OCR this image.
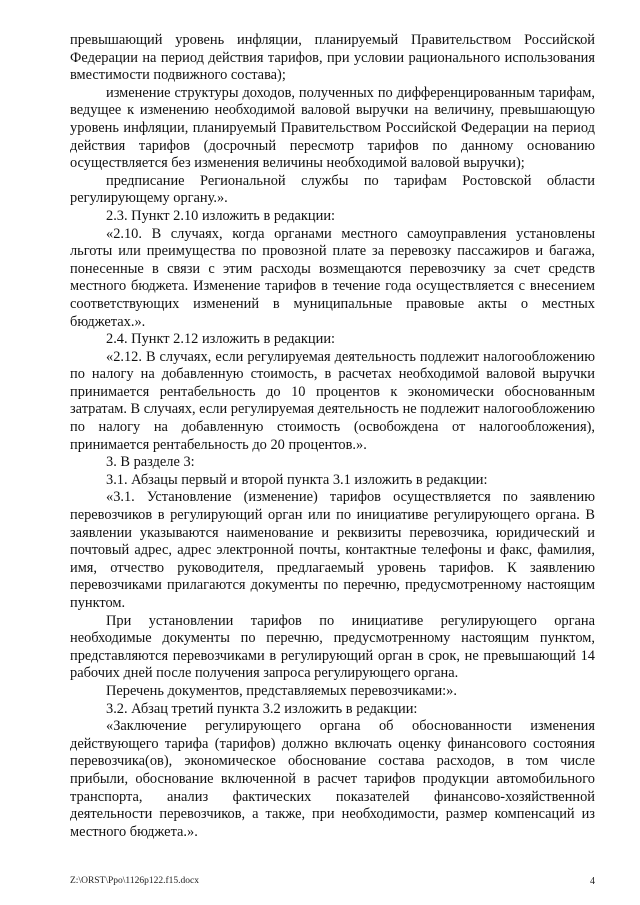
превышающий уровень инфляции, планируемый Правительством Российской Федерации на период действия тарифов, при условии рационального использования вместимости подвижного состава);

изменение структуры доходов, полученных по дифференцированным тарифам, ведущее к изменению необходимой валовой выручки на величину, превышающую уровень инфляции, планируемый Правительством Российской Федерации на период действия тарифов (досрочный пересмотр тарифов по данному основанию осуществляется без изменения величины необходимой валовой выручки);

предписание Региональной службы по тарифам Ростовской области регулирующему органу.».

2.3. Пункт 2.10 изложить в редакции:

«2.10. В случаях, когда органами местного самоуправления установлены льготы или преимущества по провозной плате за перевозку пассажиров и багажа, понесенные в связи с этим расходы возмещаются перевозчику за счет средств местного бюджета. Изменение тарифов в течение года осуществляется с внесением соответствующих изменений в муниципальные правовые акты о местных бюджетах.».

2.4. Пункт 2.12 изложить в редакции:

«2.12. В случаях, если регулируемая деятельность подлежит налогообложению по налогу на добавленную стоимость, в расчетах необходимой валовой выручки принимается рентабельность до 10 процентов к экономически обоснованным затратам. В случаях, если регулируемая деятельность не подлежит налогообложению по налогу на добавленную стоимость (освобождена от налогообложения), принимается рентабельность до 20 процентов.».

3. В разделе 3:

3.1. Абзацы первый и второй пункта 3.1 изложить в редакции:

«3.1. Установление (изменение) тарифов осуществляется по заявлению перевозчиков в регулирующий орган или по инициативе регулирующего органа. В заявлении указываются наименование и реквизиты перевозчика, юридический и почтовый адрес, адрес электронной почты, контактные телефоны и факс, фамилия, имя, отчество руководителя, предлагаемый уровень тарифов. К заявлению перевозчиками прилагаются документы по перечню, предусмотренному настоящим пунктом.

При установлении тарифов по инициативе регулирующего органа необходимые документы по перечню, предусмотренному настоящим пунктом, представляются перевозчиками в регулирующий орган в срок, не превышающий 14 рабочих дней после получения запроса регулирующего органа.

Перечень документов, представляемых перевозчиками:».

3.2. Абзац третий пункта 3.2 изложить в редакции:

«Заключение регулирующего органа об обоснованности изменения действующего тарифа (тарифов) должно включать оценку финансового состояния перевозчика(ов), экономическое обоснование состава расходов, в том числе прибыли, обоснование включенной в расчет тарифов продукции автомобильного транспорта, анализ фактических показателей финансово-хозяйственной деятельности перевозчиков, а также, при необходимости, размер компенсаций из местного бюджета.».

Z:\ORST\Ppo\1126p122.f15.docx	4
